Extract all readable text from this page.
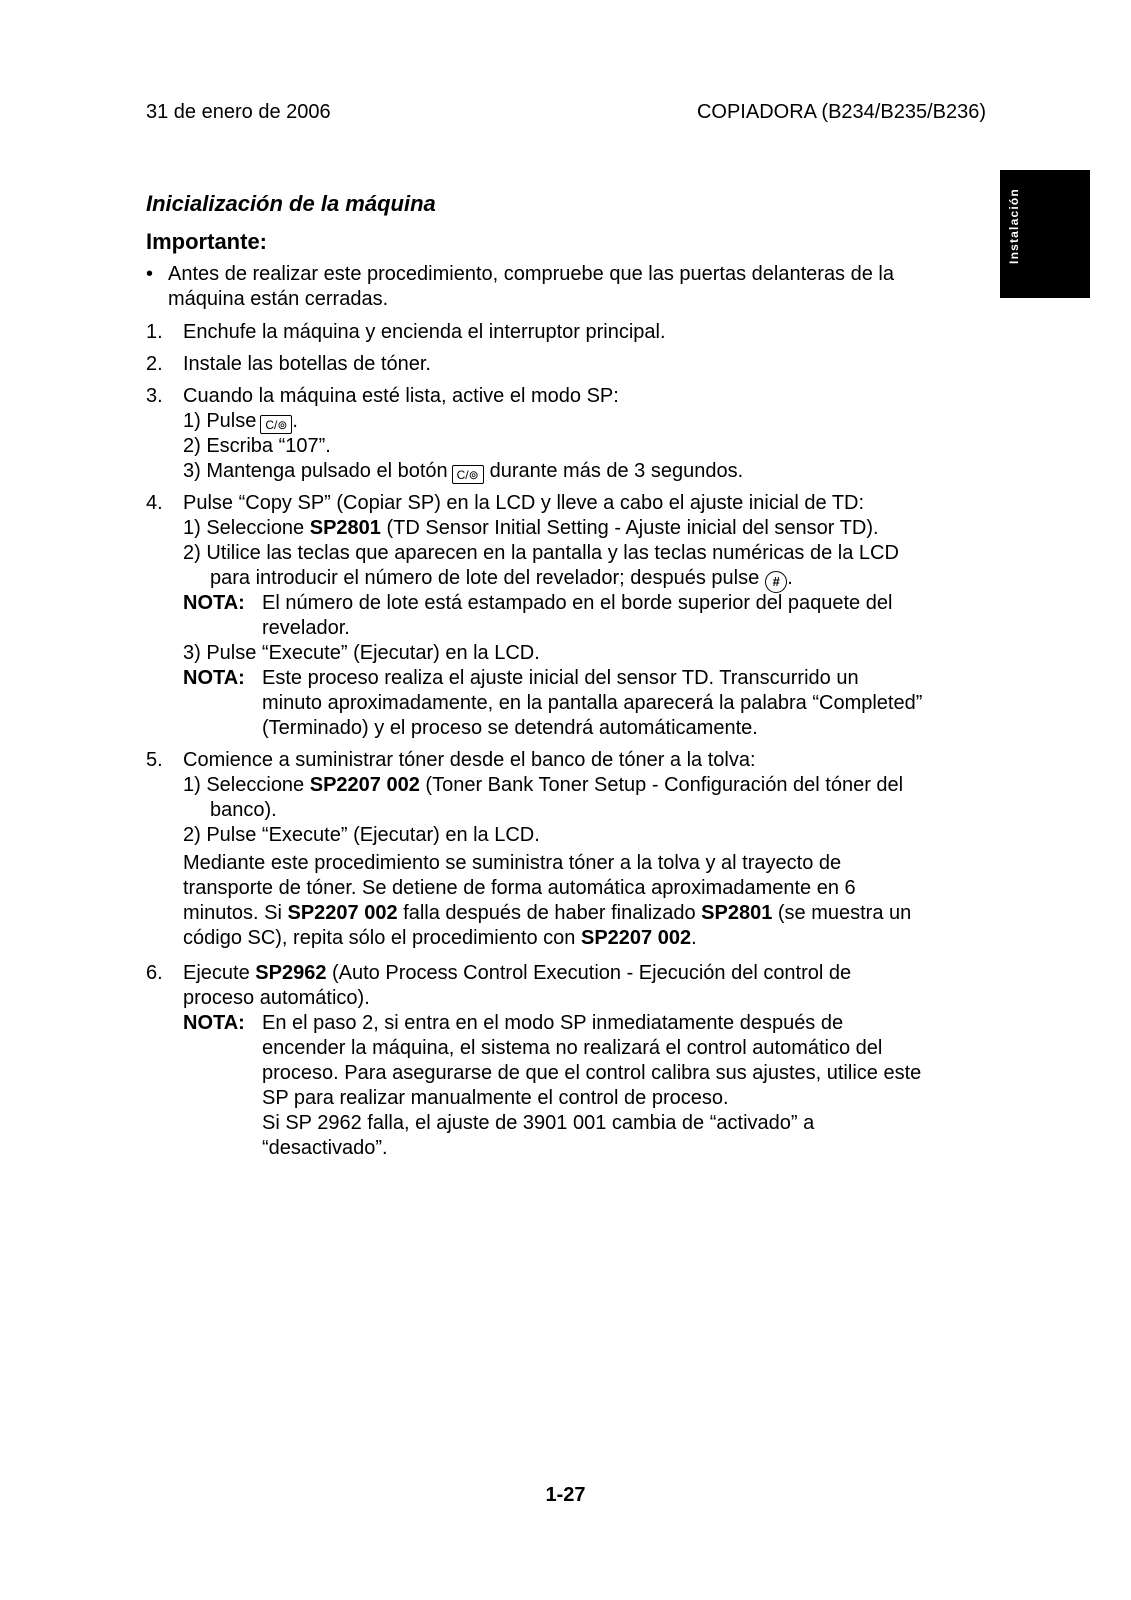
31 de enero de 2006	COPIADORA (B234/B235/B236)
Instalación
Inicialización de la máquina
Importante:
• Antes de realizar este procedimiento, compruebe que las puertas delanteras de la
máquina están cerradas.
1. Enchufe la máquina y encienda el interruptor principal.
2. Instale las botellas de tóner.
3. Cuando la máquina esté lista, active el modo SP:
1) Pulse C/⊚ .
2) Escriba “107”.
3) Mantenga pulsado el botón C/⊚ durante más de 3 segundos.
4. Pulse “Copy SP” (Copiar SP) en la LCD y lleve a cabo el ajuste inicial de TD:
1) Seleccione SP2801 (TD Sensor Initial Setting - Ajuste inicial del sensor TD).
2) Utilice las teclas que aparecen en la pantalla y las teclas numéricas de la LCD
para introducir el número de lote del revelador; después pulse # .
NOTA: El número de lote está estampado en el borde superior del paquete del
revelador.
3) Pulse “Execute” (Ejecutar) en la LCD.
NOTA: Este proceso realiza el ajuste inicial del sensor TD. Transcurrido un
minuto aproximadamente, en la pantalla aparecerá la palabra “Completed”
(Terminado) y el proceso se detendrá automáticamente.
5. Comience a suministrar tóner desde el banco de tóner a la tolva:
1) Seleccione SP2207 002 (Toner Bank Toner Setup - Configuración del tóner del
banco).
2) Pulse “Execute” (Ejecutar) en la LCD.
Mediante este procedimiento se suministra tóner a la tolva y al trayecto de
transporte de tóner. Se detiene de forma automática aproximadamente en 6
minutos. Si SP2207 002 falla después de haber finalizado SP2801 (se muestra un
código SC), repita sólo el procedimiento con SP2207 002.
6. Ejecute SP2962 (Auto Process Control Execution - Ejecución del control de
proceso automático).
NOTA: En el paso 2, si entra en el modo SP inmediatamente después de
encender la máquina, el sistema no realizará el control automático del
proceso. Para asegurarse de que el control calibra sus ajustes, utilice este
SP para realizar manualmente el control de proceso.
Si SP 2962 falla, el ajuste de 3901 001 cambia de “activado” a
“desactivado”.
1-27
